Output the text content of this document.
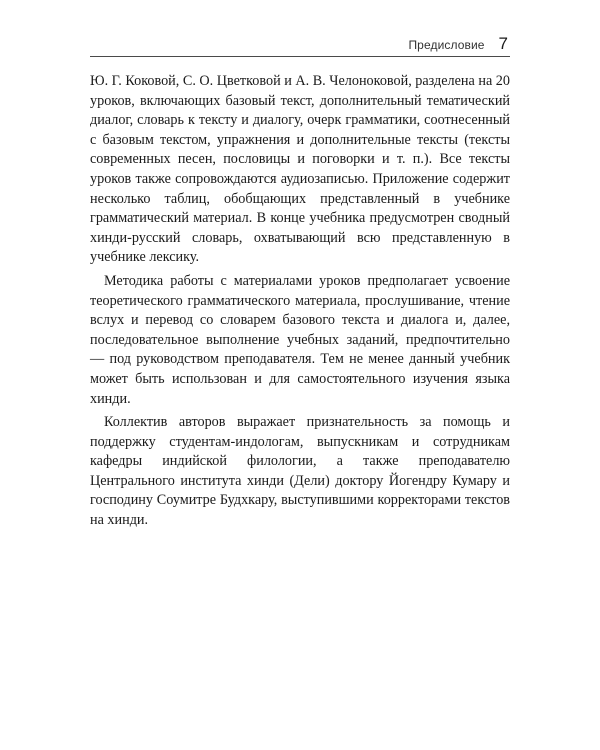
Предисловие 7

Ю. Г. Коковой, С. О. Цветковой и А. В. Челоноковой, разделена на 20 уроков, включающих базовый текст, дополнительный тематический диалог, словарь к тексту и диалогу, очерк грамматики, соотнесенный с базовым текстом, упражнения и дополнительные тексты (тексты современных песен, пословицы и поговорки и т. п.). Все тексты уроков также сопровождаются аудиозаписью. Приложение содержит несколько таблиц, обобщающих представленный в учебнике грамматический материал. В конце учебника предусмотрен сводный хинди-русский словарь, охватывающий всю представленную в учебнике лексику.

Методика работы с материалами уроков предполагает усвоение теоретического грамматического материала, прослушивание, чтение вслух и перевод со словарем базового текста и диалога и, далее, последовательное выполнение учебных заданий, предпочтительно — под руководством преподавателя. Тем не менее данный учебник может быть использован и для самостоятельного изучения языка хинди.

Коллектив авторов выражает признательность за помощь и поддержку студентам-индологам, выпускникам и сотрудникам кафедры индийской филологии, а также преподавателю Центрального института хинди (Дели) доктору Йогендру Кумару и господину Соумитре Будхкару, выступившими корректорами текстов на хинди.
